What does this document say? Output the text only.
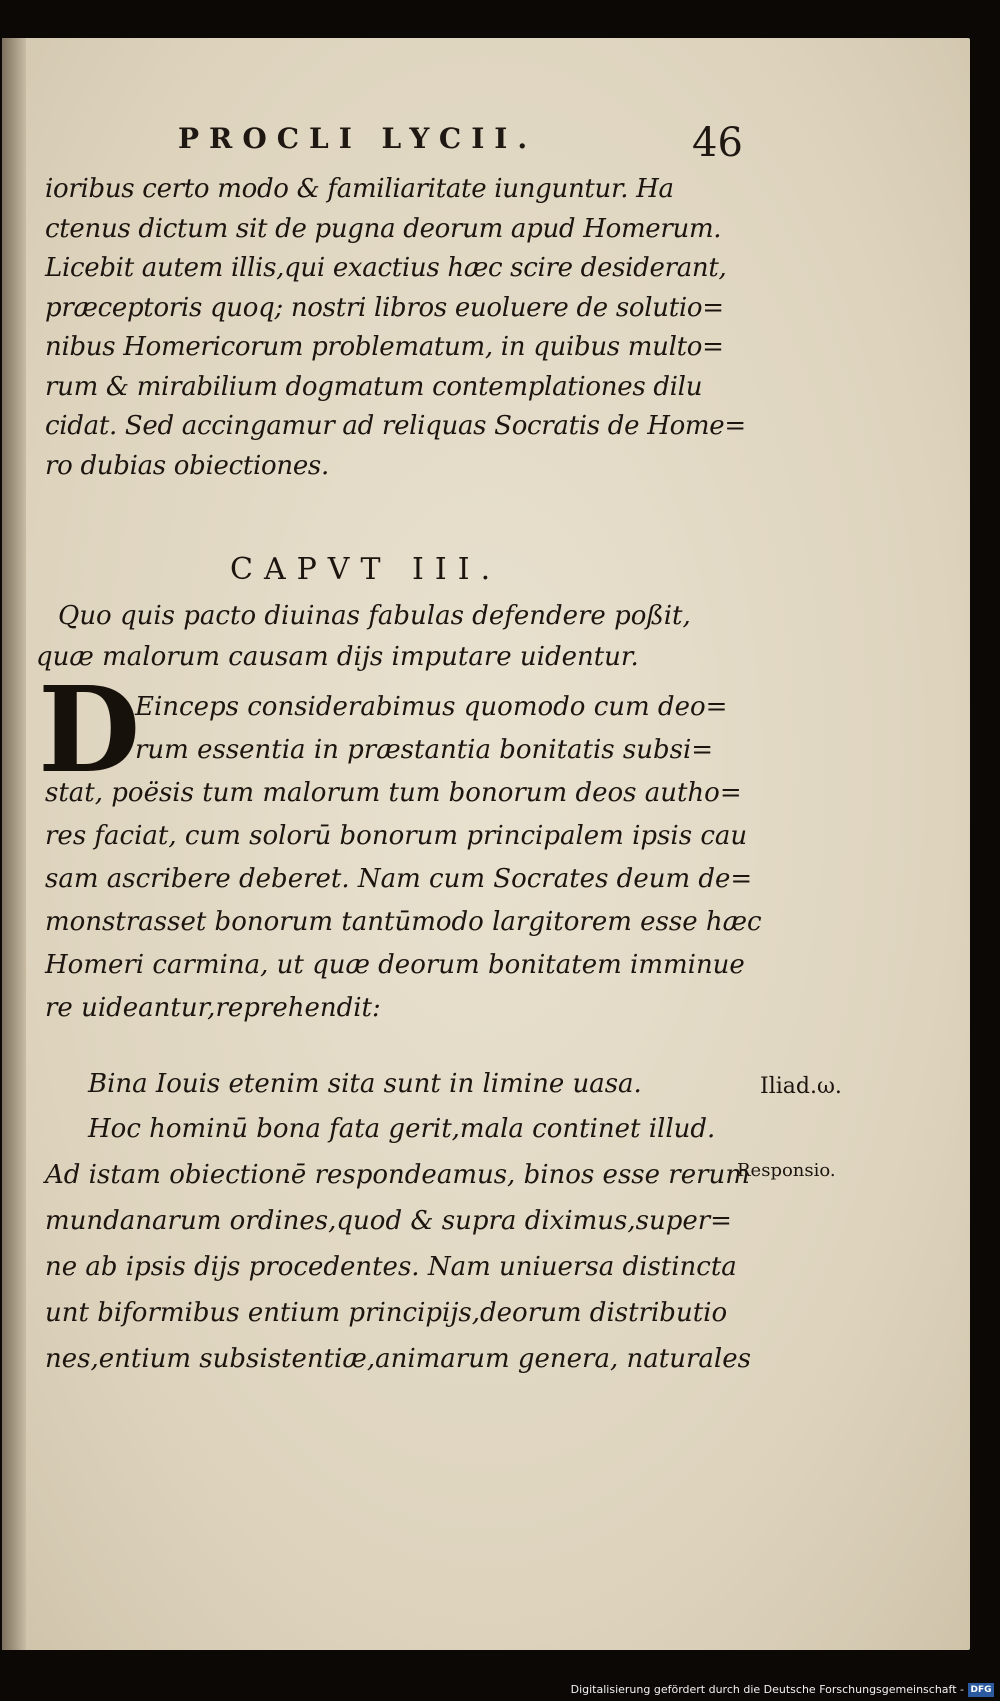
PROCLI LYCII.	46
ioribus certo modo & familiaritate iunguntur. Ha
ctenus dictum sit de pugna deorum apud Homerum.
Licebit autem illis,qui exactius hæc scire desiderant,
præceptoris quoq; nostri libros euoluere de solutio=
nibus Homericorum problematum, in quibus multo=
rum & mirabilium dogmatum contemplationes dilu
cidat. Sed accingamur ad reliquas Socratis de Home=
ro dubias obiectiones.
CAPVT III.
Quo quis pacto diuinas fabulas defendere poßit,
quæ malorum causam dijs imputare uidentur.
D
Einceps considerabimus quomodo cum deo=
rum essentia in præstantia bonitatis subsi=
stat, poësis tum malorum tum bonorum deos autho=
res faciat, cum solorū bonorum principalem ipsis cau
sam ascribere deberet. Nam cum Socrates deum de=
monstrasset bonorum tantūmodo largitorem esse hæc
Homeri carmina, ut quæ deorum bonitatem imminue
re uideantur,reprehendit:
Bina Iouis etenim sita sunt in limine uasa.
Hoc hominū bona fata gerit,mala continet illud.
Ad istam obiectionē respondeamus, binos esse rerum
mundanarum ordines,quod & supra diximus,super=
ne ab ipsis dijs procedentes. Nam uniuersa distincta
unt biformibus entium principijs,deorum distributio
nes,entium subsistentiæ,animarum genera, naturales
Iliad.ω.
Responsio.
Digitalisierung gefördert durch die Deutsche Forschungsgemeinschaft - DFG
